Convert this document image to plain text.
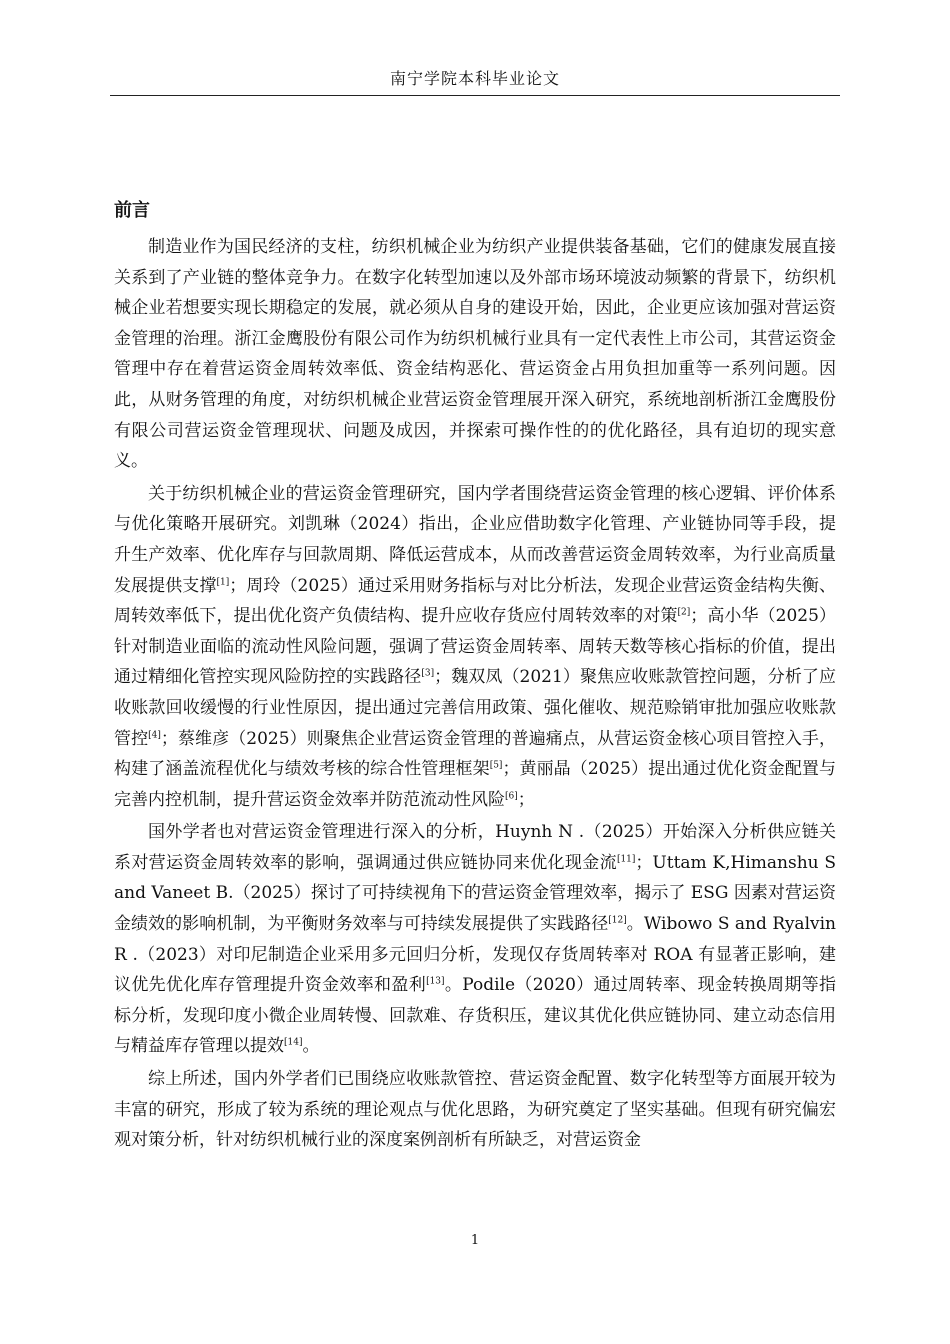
南宁学院本科毕业论文
前言

制造业作为国民经济的支柱，纺织机械企业为纺织产业提供装备基础，它们的健康发展直接关系到了产业链的整体竞争力。在数字化转型加速以及外部市场环境波动频繁的背景下，纺织机械企业若想要实现长期稳定的发展，就必须从自身的建设开始，因此，企业更应该加强对营运资金管理的治理。浙江金鹰股份有限公司作为纺织机械行业具有一定代表性上市公司，其营运资金管理中存在着营运资金周转效率低、资金结构恶化、营运资金占用负担加重等一系列问题。因此，从财务管理的角度，对纺织机械企业营运资金管理展开深入研究，系统地剖析浙江金鹰股份有限公司营运资金管理现状、问题及成因，并探索可操作性的的优化路径，具有迫切的现实意义。

关于纺织机械企业的营运资金管理研究，国内学者围绕营运资金管理的核心逻辑、评价体系与优化策略开展研究。刘凯琳（2024）指出，企业应借助数字化管理、产业链协同等手段，提升生产效率、优化库存与回款周期、降低运营成本，从而改善营运资金周转效率，为行业高质量发展提供支撑[1]；周玲（2025）通过采用财务指标与对比分析法，发现企业营运资金结构失衡、周转效率低下，提出优化资产负债结构、提升应收存货应付周转效率的对策[2]；高小华（2025）针对制造业面临的流动性风险问题，强调了营运资金周转率、周转天数等核心指标的价值，提出通过精细化管控实现风险防控的实践路径[3]；魏双凤（2021）聚焦应收账款管控问题，分析了应收账款回收缓慢的行业性原因，提出通过完善信用政策、强化催收、规范赊销审批加强应收账款管控[4]；蔡维彦（2025）则聚焦企业营运资金管理的普遍痛点，从营运资金核心项目管控入手，构建了涵盖流程优化与绩效考核的综合性管理框架[5]；黄丽晶（2025）提出通过优化资金配置与完善内控机制，提升营运资金效率并防范流动性风险[6]；

国外学者也对营运资金管理进行深入的分析，Huynh N .（2025）开始深入分析供应链关系对营运资金周转效率的影响，强调通过供应链协同来优化现金流[11]；Uttam K,Himanshu S and Vaneet B.（2025）探讨了可持续视角下的营运资金管理效率，揭示了 ESG 因素对营运资金绩效的影响机制，为平衡财务效率与可持续发展提供了实践路径[12]。Wibowo S and Ryalvin R .（2023）对印尼制造企业采用多元回归分析，发现仅存货周转率对 ROA 有显著正影响，建议优先优化库存管理提升资金效率和盈利[13]。Podile（2020）通过周转率、现金转换周期等指标分析，发现印度小微企业周转慢、回款难、存货积压，建议其优化供应链协同、建立动态信用与精益库存管理以提效[14]。

综上所述，国内外学者们已围绕应收账款管控、营运资金配置、数字化转型等方面展开较为丰富的研究，形成了较为系统的理论观点与优化思路，为研究奠定了坚实基础。但现有研究偏宏观对策分析，针对纺织机械行业的深度案例剖析有所缺乏，对营运资金

1
